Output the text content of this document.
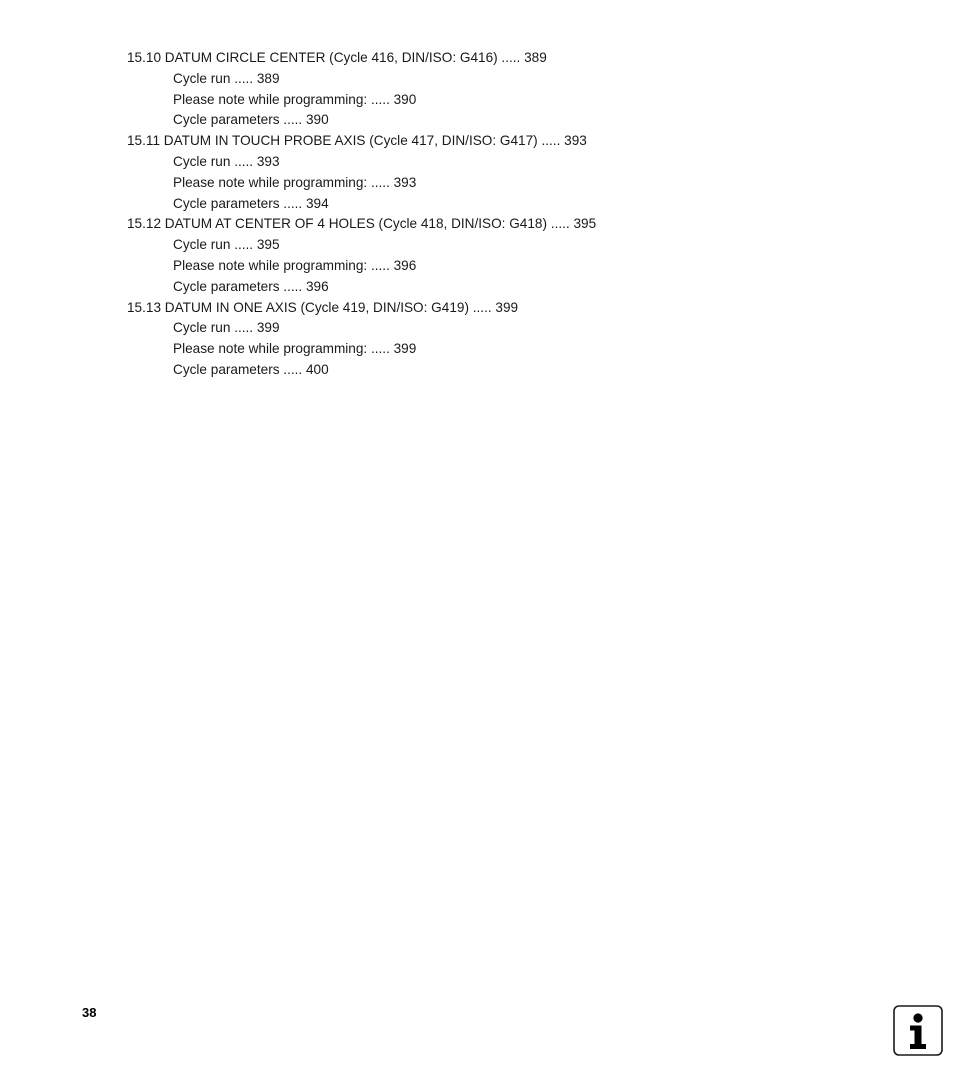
15.10 DATUM CIRCLE CENTER (Cycle 416, DIN/ISO: G416) ..... 389
Cycle run ..... 389
Please note while programming: ..... 390
Cycle parameters ..... 390
15.11 DATUM IN TOUCH PROBE AXIS (Cycle 417, DIN/ISO: G417) ..... 393
Cycle run ..... 393
Please note while programming: ..... 393
Cycle parameters ..... 394
15.12 DATUM AT CENTER OF 4 HOLES (Cycle 418, DIN/ISO: G418) ..... 395
Cycle run ..... 395
Please note while programming: ..... 396
Cycle parameters ..... 396
15.13 DATUM IN ONE AXIS (Cycle 419, DIN/ISO: G419) ..... 399
Cycle run ..... 399
Please note while programming: ..... 399
Cycle parameters ..... 400
38
